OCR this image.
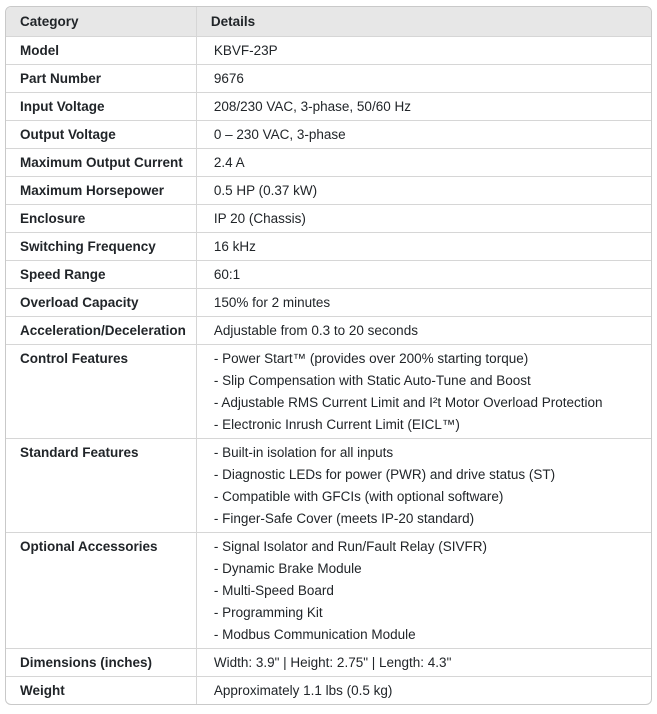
Category	Details
Model	KBVF-23P

Part Number	9676

Input Voltage	208/230 VAC, 3-phase, 50/60 Hz

Output Voltage	0 – 230 VAC, 3-phase

Maximum Output Current	2.4 A

Maximum Horsepower	0.5 HP (0.37 kW)

Enclosure	IP 20 (Chassis)

Switching Frequency	16 kHz

Speed Range	60:1

Overload Capacity	150% for 2 minutes

Acceleration/Deceleration	Adjustable from 0.3 to 20 seconds

Control Features	- Power Start™ (provides over 200% starting torque)
- Slip Compensation with Static Auto-Tune and Boost
- Adjustable RMS Current Limit and I²t Motor Overload Protection
- Electronic Inrush Current Limit (EICL™)

Standard Features	- Built-in isolation for all inputs
- Diagnostic LEDs for power (PWR) and drive status (ST)
- Compatible with GFCIs (with optional software)
- Finger-Safe Cover (meets IP-20 standard)

Optional Accessories	- Signal Isolator and Run/Fault Relay (SIVFR)
- Dynamic Brake Module
- Multi-Speed Board
- Programming Kit
- Modbus Communication Module

Dimensions (inches)	Width: 3.9" | Height: 2.75" | Length: 4.3"

Weight	Approximately 1.1 lbs (0.5 kg)
